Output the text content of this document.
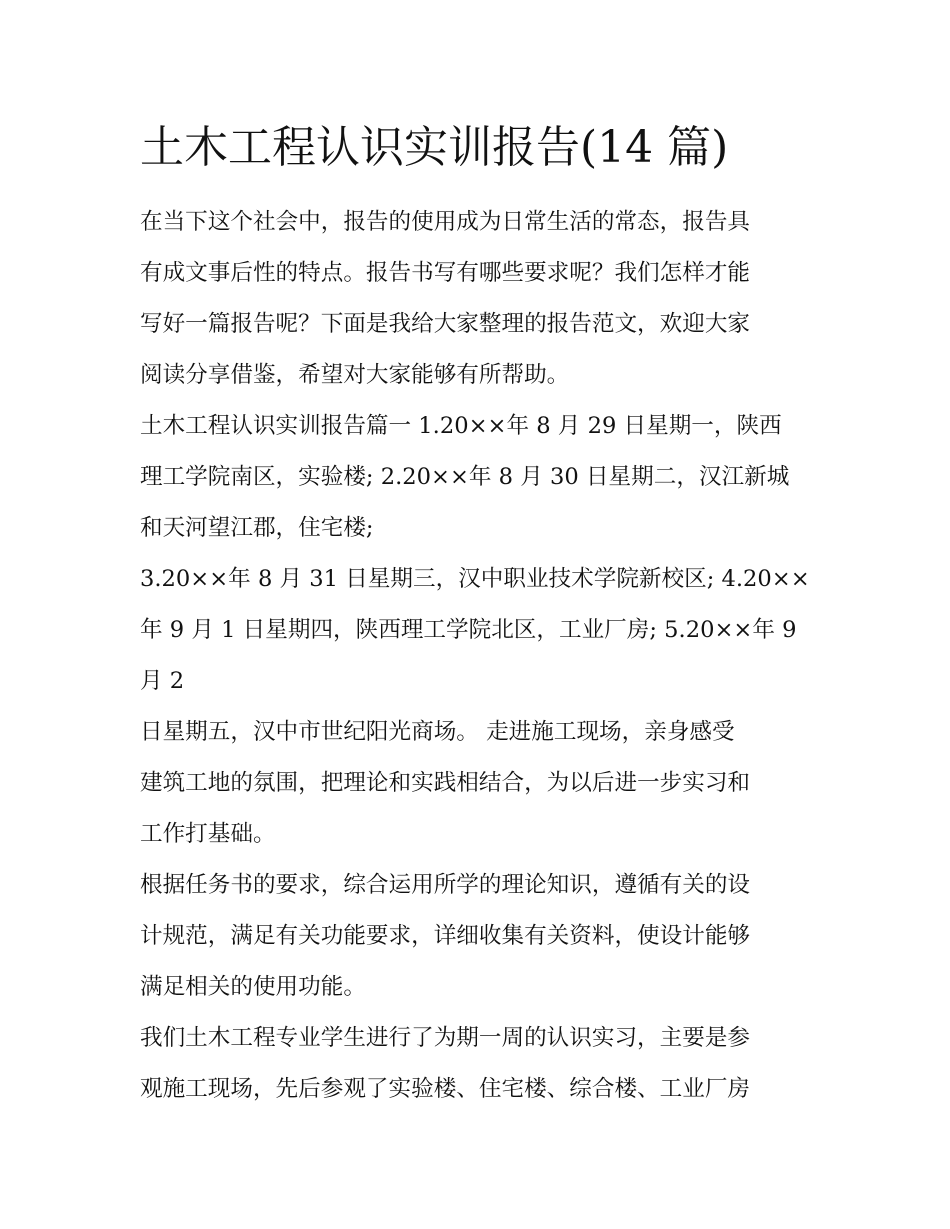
土木工程认识实训报告(14 篇)
在当下这个社会中，报告的使用成为日常生活的常态，报告具
有成文事后性的特点。报告书写有哪些要求呢？我们怎样才能
写好一篇报告呢？下面是我给大家整理的报告范文，欢迎大家
阅读分享借鉴，希望对大家能够有所帮助。
土木工程认识实训报告篇一 1.20××年 8 月 29 日星期一，陕西
理工学院南区，实验楼; 2.20××年 8 月 30 日星期二，汉江新城
和天河望江郡，住宅楼;
3.20××年 8 月 31 日星期三，汉中职业技术学院新校区; 4.20××
年 9 月 1 日星期四，陕西理工学院北区，工业厂房; 5.20××年 9
月 2
日星期五，汉中市世纪阳光商场。 走进施工现场，亲身感受
建筑工地的氛围，把理论和实践相结合，为以后进一步实习和
工作打基础。
根据任务书的要求，综合运用所学的理论知识，遵循有关的设
计规范，满足有关功能要求，详细收集有关资料，使设计能够
满足相关的使用功能。
我们土木工程专业学生进行了为期一周的认识实习，主要是参
观施工现场，先后参观了实验楼、住宅楼、综合楼、工业厂房
